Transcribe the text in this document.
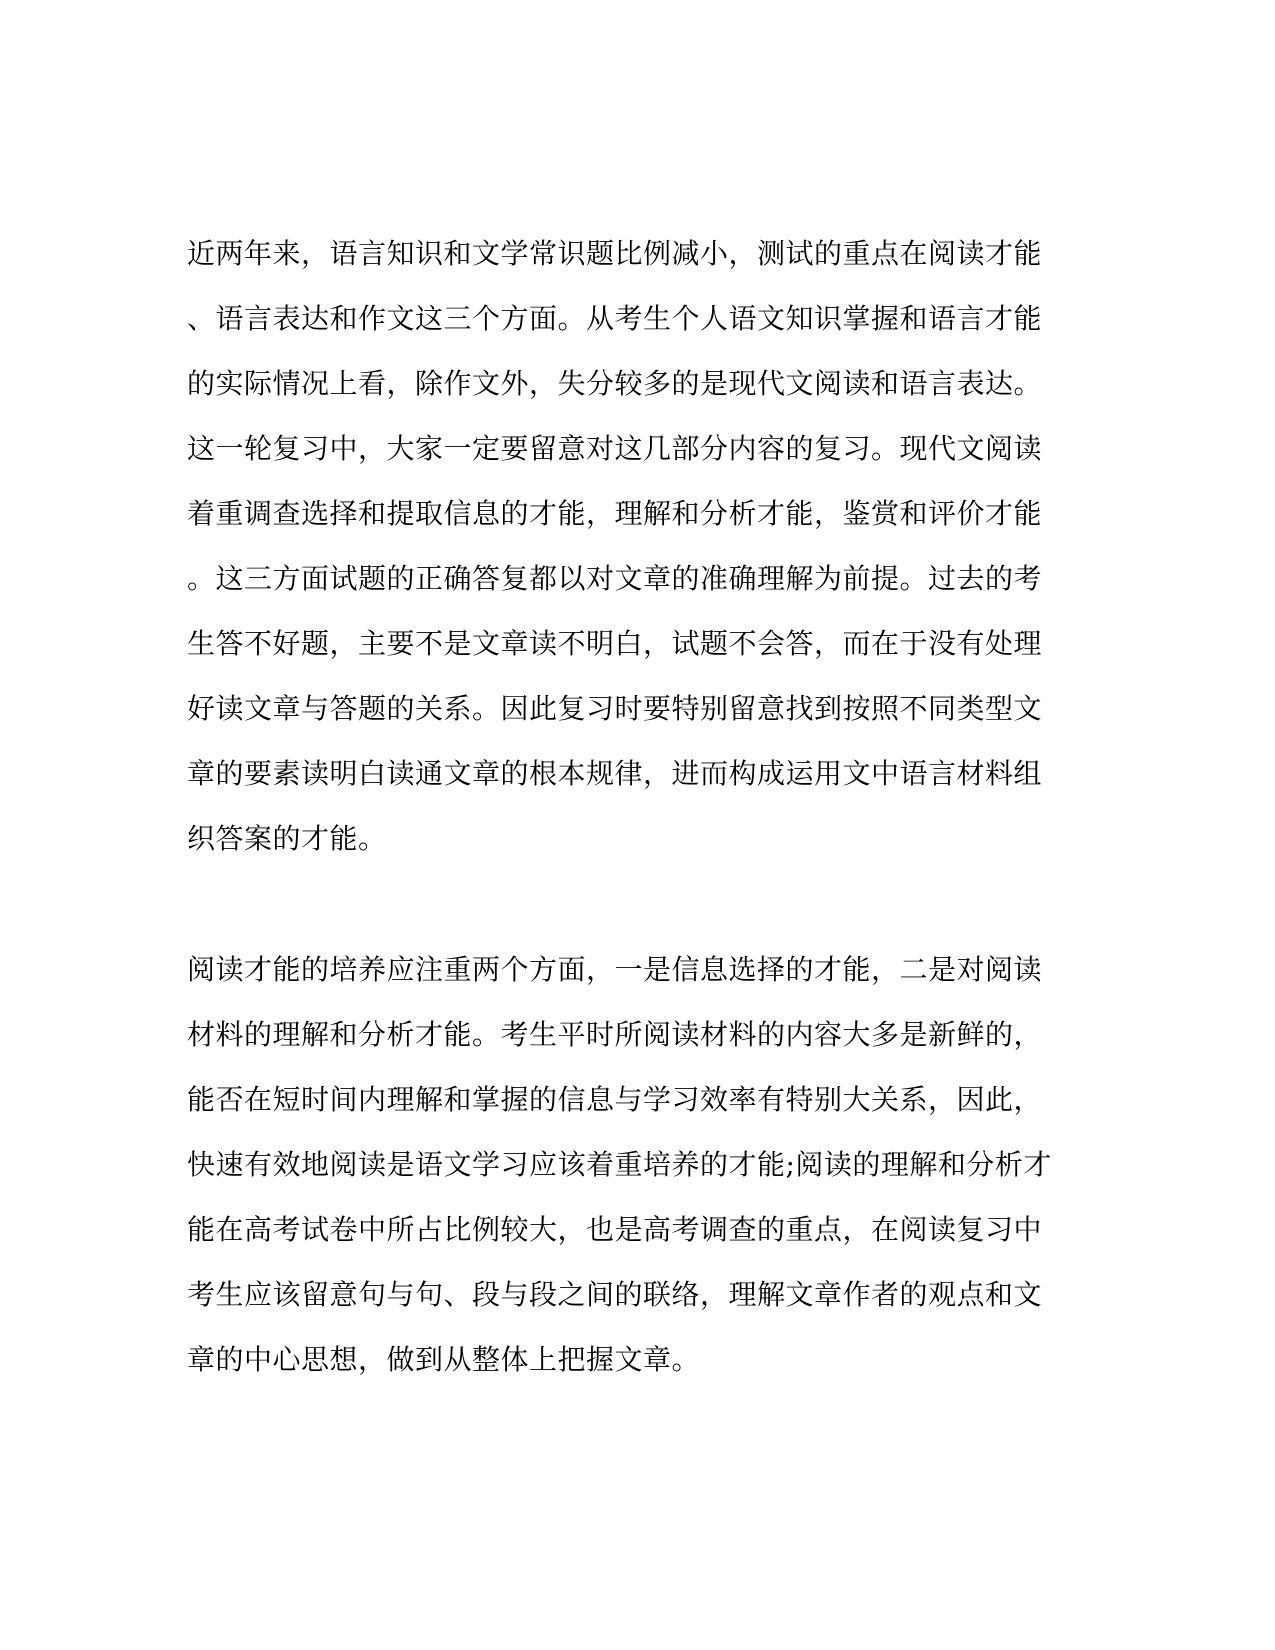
近两年来，语言知识和文学常识题比例减小，测试的重点在阅读才能
、语言表达和作文这三个方面。从考生个人语文知识掌握和语言才能
的实际情况上看，除作文外，失分较多的是现代文阅读和语言表达。
这一轮复习中，大家一定要留意对这几部分内容的复习。现代文阅读
着重调查选择和提取信息的才能，理解和分析才能，鉴赏和评价才能
。这三方面试题的正确答复都以对文章的准确理解为前提。过去的考
生答不好题，主要不是文章读不明白，试题不会答，而在于没有处理
好读文章与答题的关系。因此复习时要特别留意找到按照不同类型文
章的要素读明白读通文章的根本规律，进而构成运用文中语言材料组
织答案的才能。

阅读才能的培养应注重两个方面，一是信息选择的才能，二是对阅读
材料的理解和分析才能。考生平时所阅读材料的内容大多是新鲜的，
能否在短时间内理解和掌握的信息与学习效率有特别大关系，因此，
快速有效地阅读是语文学习应该着重培养的才能;阅读的理解和分析才
能在高考试卷中所占比例较大，也是高考调查的重点，在阅读复习中
考生应该留意句与句、段与段之间的联络，理解文章作者的观点和文
章的中心思想，做到从整体上把握文章。
